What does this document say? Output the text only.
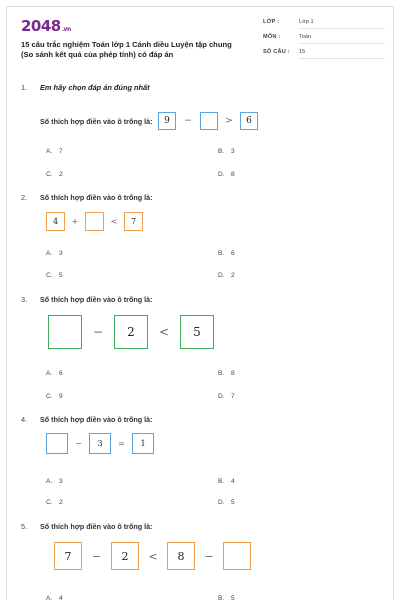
2048.vn
15 câu trắc nghiệm Toán lớp 1 Cánh diều Luyện tập chung (So sánh kết quả của phép tính) có đáp án
LỚP :	Lớp 1
MÔN :	Toán
SỐ CÂU : 15
1. Em hãy chọn đáp án đúng nhất
Số thích hợp điền vào ô trống là:	9	−	>	6
A. 7	B. 3
C. 2	D. 8
2. Số thích hợp điền vào ô trống là:
4	+	<	7
A. 3	B. 6
C. 5	D. 2
3. Số thích hợp điền vào ô trống là:
−	2	<	5
A. 6	B. 8
C. 9	D. 7
4. Số thích hợp điền vào ô trống là:
−	3	=	1
A. 3	B. 4
C. 2	D. 5
5. Số thích hợp điền vào ô trống là:
7	−	2	<	8	−
A. 4	B. 5
